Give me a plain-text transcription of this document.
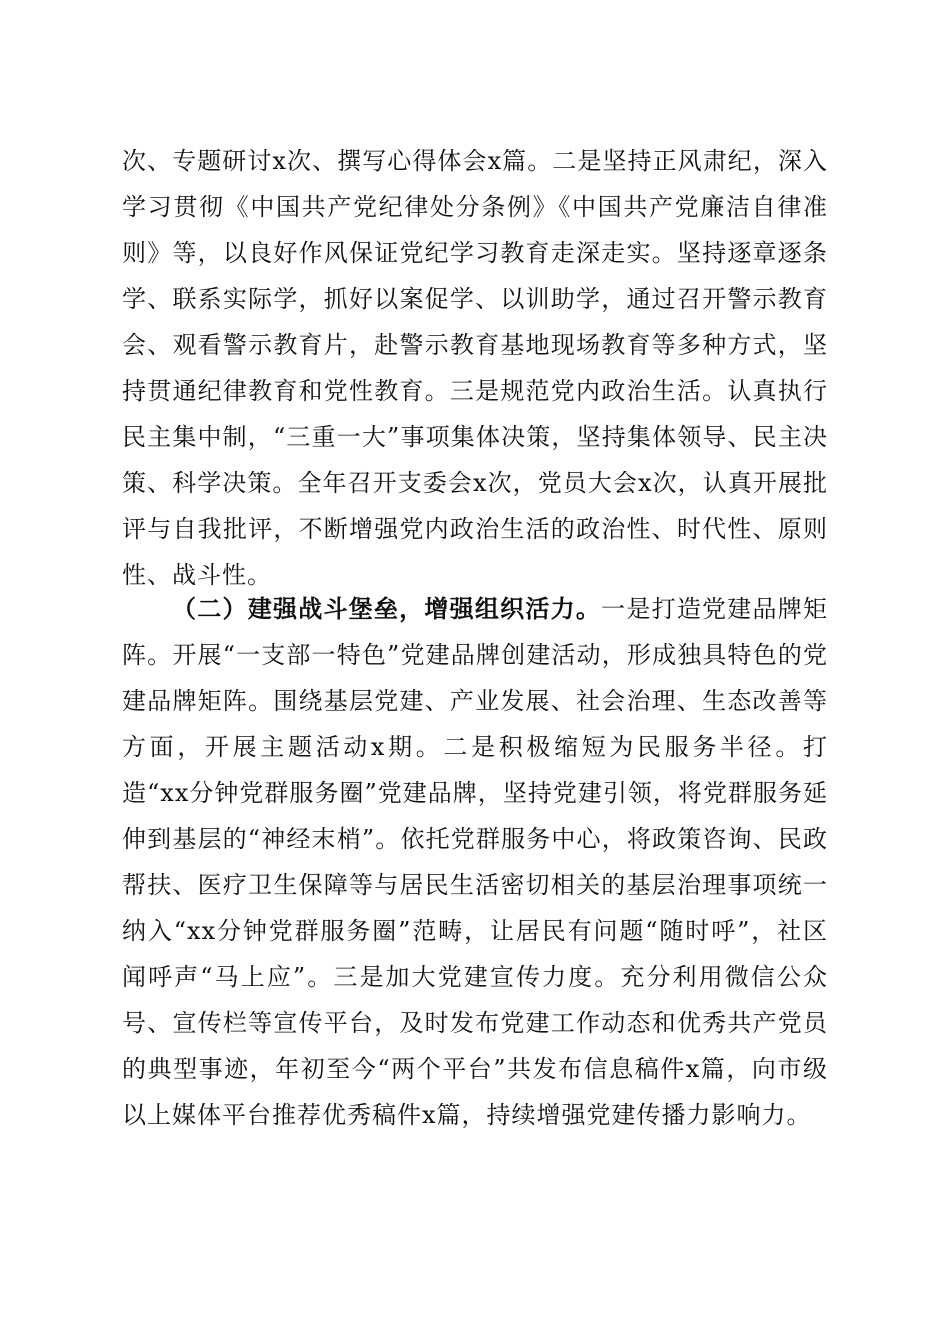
次、专题研讨x次、撰写心得体会x篇。二是坚持正风肃纪，深入学习贯彻《中国共产党纪律处分条例》《中国共产党廉洁自律准则》等，以良好作风保证党纪学习教育走深走实。坚持逐章逐条学、联系实际学，抓好以案促学、以训助学，通过召开警示教育会、观看警示教育片，赴警示教育基地现场教育等多种方式，坚持贯通纪律教育和党性教育。三是规范党内政治生活。认真执行民主集中制，“三重一大”事项集体决策，坚持集体领导、民主决策、科学决策。全年召开支委会x次，党员大会x次，认真开展批评与自我批评，不断增强党内政治生活的政治性、时代性、原则性、战斗性。

（二）建强战斗堡垒，增强组织活力。一是打造党建品牌矩阵。开展“一支部一特色”党建品牌创建活动，形成独具特色的党建品牌矩阵。围绕基层党建、产业发展、社会治理、生态改善等方面，开展主题活动x期。二是积极缩短为民服务半径。打造“xx分钟党群服务圈”党建品牌，坚持党建引领，将党群服务延伸到基层的“神经末梢”。依托党群服务中心，将政策咨询、民政帮扶、医疗卫生保障等与居民生活密切相关的基层治理事项统一纳入“xx分钟党群服务圈”范畴，让居民有问题“随时呼”，社区闻呼声“马上应”。三是加大党建宣传力度。充分利用微信公众号、宣传栏等宣传平台，及时发布党建工作动态和优秀共产党员的典型事迹，年初至今“两个平台”共发布信息稿件x篇，向市级以上媒体平台推荐优秀稿件x篇，持续增强党建传播力影响力。
